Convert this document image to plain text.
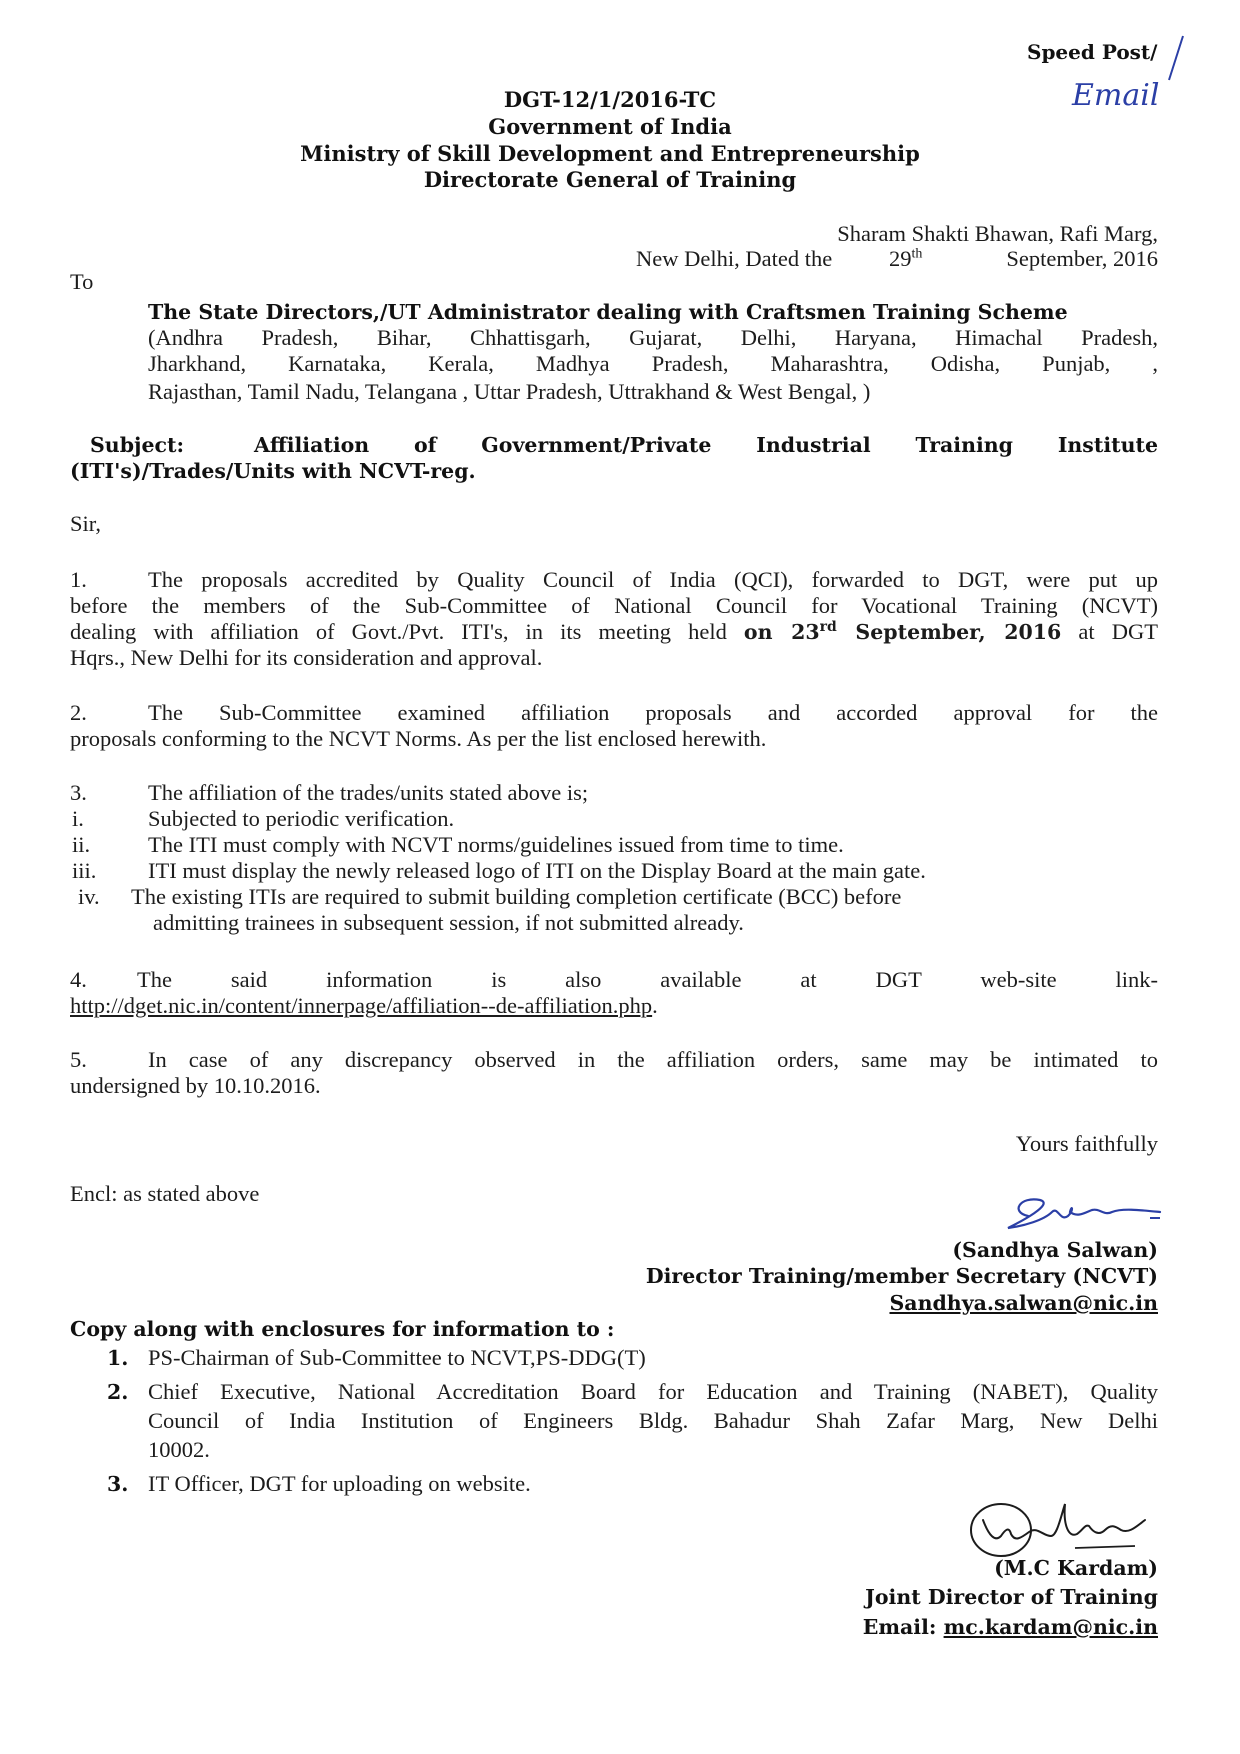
Speed Post/
Email
DGT-12/1/2016-TC
Government of India
Ministry of Skill Development and Entrepreneurship
Directorate General of Training
Sharam Shakti Bhawan, Rafi Marg,
New Delhi, Dated the	29th	September, 2016
To
The State Directors,/UT Administrator dealing with Craftsmen Training Scheme
(Andhra Pradesh, Bihar, Chhattisgarh, Gujarat, Delhi, Haryana, Himachal Pradesh,
Jharkhand, Karnataka, Kerala, Madhya Pradesh, Maharashtra, Odisha, Punjab, ,
Rajasthan, Tamil Nadu, Telangana , Uttar Pradesh, Uttrakhand & West Bengal, )
Subject:	Affiliation of Government/Private Industrial Training Institute
(ITI's)/Trades/Units with NCVT-reg.
Sir,
1.	The proposals accredited by Quality Council of India (QCI), forwarded to DGT, were put up
before the members of the Sub-Committee of National Council for Vocational Training (NCVT)
dealing with affiliation of Govt./Pvt. ITI's, in its meeting held on 23rd September, 2016 at DGT
Hqrs., New Delhi for its consideration and approval.
2.	The Sub-Committee examined affiliation proposals and accorded approval for the
proposals conforming to the NCVT Norms. As per the list enclosed herewith.
3.	The affiliation of the trades/units stated above is;
i.	Subjected to periodic verification.
ii.	The ITI must comply with NCVT norms/guidelines issued from time to time.
iii. ITI must display the newly released logo of ITI on the Display Board at the main gate.
iv. The existing ITIs are required to submit building completion certificate (BCC) before
admitting trainees in subsequent session, if not submitted already.
4. The said information is also available at DGT web-site link-
http://dget.nic.in/content/innerpage/affiliation--de-affiliation.php.
5.	In case of any discrepancy observed in the affiliation orders, same may be intimated to
undersigned by 10.10.2016.
Yours faithfully
Encl: as stated above
(Sandhya Salwan)
Director Training/member Secretary (NCVT)
Sandhya.salwan@nic.in
Copy along with enclosures for information to :
1. PS-Chairman of Sub-Committee to NCVT,PS-DDG(T)
2. Chief Executive, National Accreditation Board for Education and Training (NABET), Quality
Council of India Institution of Engineers Bldg. Bahadur Shah Zafar Marg, New Delhi
10002.
3. IT Officer, DGT for uploading on website.
(M.C Kardam)
Joint Director of Training
Email: mc.kardam@nic.in
